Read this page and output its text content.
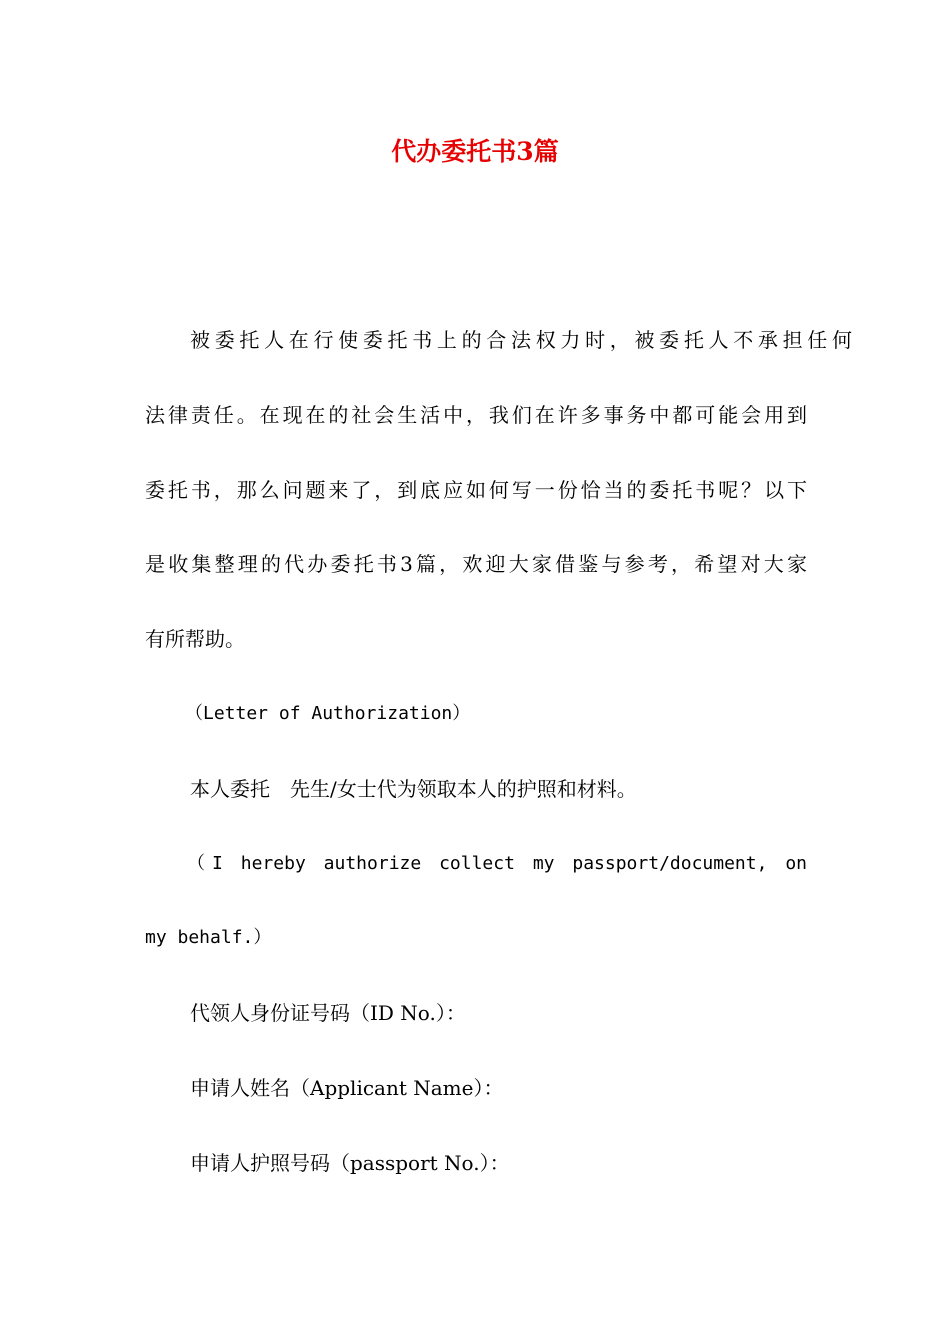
代办委托书3篇

被委托人在行使委托书上的合法权力时，被委托人不承担任何

法律责任。在现在的社会生活中，我们在许多事务中都可能会用到

委托书，那么问题来了，到底应如何写一份恰当的委托书呢？以下

是收集整理的代办委托书3篇，欢迎大家借鉴与参考，希望对大家

有所帮助。

（Letter of Authorization）

本人委托　先生/女士代为领取本人的护照和材料。

（I hereby authorize collect my passport/document, on

my behalf.）

代领人身份证号码（ID No.）：

申请人姓名（Applicant Name）：

申请人护照号码（passport No.）：
